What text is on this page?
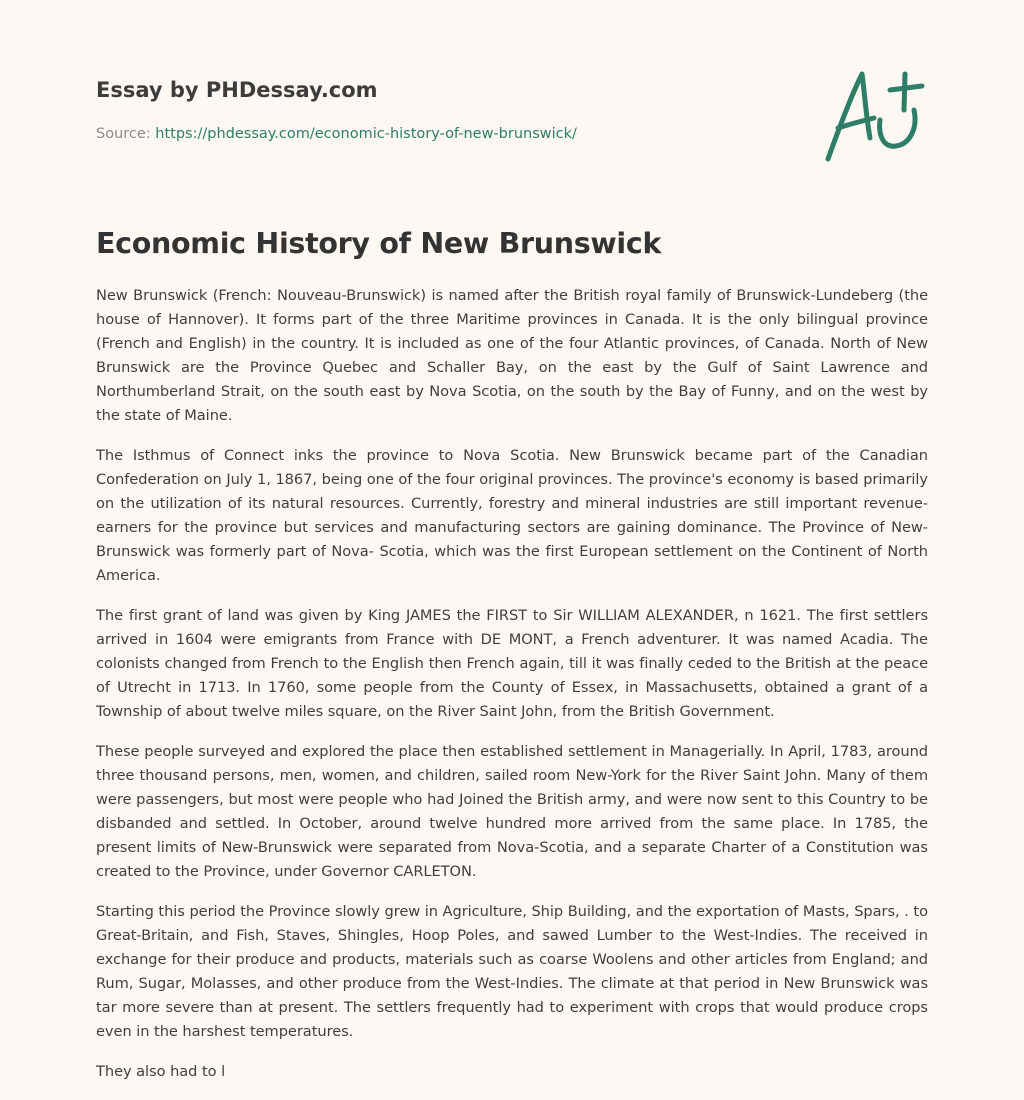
Essay by PHDessay.com
Source: https://phdessay.com/economic-history-of-new-brunswick/
Economic History of New Brunswick

New Brunswick (French: Nouveau-Brunswick) is named after the British royal family of Brunswick-Lundeberg (the house of Hannover). It forms part of the three Maritime provinces in Canada. It is the only bilingual province (French and English) in the country. It is included as one of the four Atlantic provinces, of Canada. North of New Brunswick are the Province Quebec and Schaller Bay, on the east by the Gulf of Saint Lawrence and Northumberland Strait, on the south east by Nova Scotia, on the south by the Bay of Funny, and on the west by the state of Maine.

The Isthmus of Connect inks the province to Nova Scotia. New Brunswick became part of the Canadian Confederation on July 1, 1867, being one of the four original provinces. The province's economy is based primarily on the utilization of its natural resources. Currently, forestry and mineral industries are still important revenue-earners for the province but services and manufacturing sectors are gaining dominance. The Province of New-Brunswick was formerly part of Nova- Scotia, which was the first European settlement on the Continent of North America.

The first grant of land was given by King JAMES the FIRST to Sir WILLIAM ALEXANDER, n 1621. The first settlers arrived in 1604 were emigrants from France with DE MONT, a French adventurer. It was named Acadia. The colonists changed from French to the English then French again, till it was finally ceded to the British at the peace of Utrecht in 1713. In 1760, some people from the County of Essex, in Massachusetts, obtained a grant of a Township of about twelve miles square, on the River Saint John, from the British Government.

These people surveyed and explored the place then established settlement in Managerially. In April, 1783, around three thousand persons, men, women, and children, sailed room New-York for the River Saint John. Many of them were passengers, but most were people who had Joined the British army, and were now sent to this Country to be disbanded and settled. In October, around twelve hundred more arrived from the same place. In 1785, the present limits of New-Brunswick were separated from Nova-Scotia, and a separate Charter of a Constitution was created to the Province, under Governor CARLETON.

Starting this period the Province slowly grew in Agriculture, Ship Building, and the exportation of Masts, Spars, . to Great-Britain, and Fish, Staves, Shingles, Hoop Poles, and sawed Lumber to the West-Indies. The received in exchange for their produce and products, materials such as coarse Woolens and other articles from England; and Rum, Sugar, Molasses, and other produce from the West-Indies. The climate at that period in New Brunswick was tar more severe than at present. The settlers frequently had to experiment with crops that would produce crops even in the harshest temperatures.

They also had to l
